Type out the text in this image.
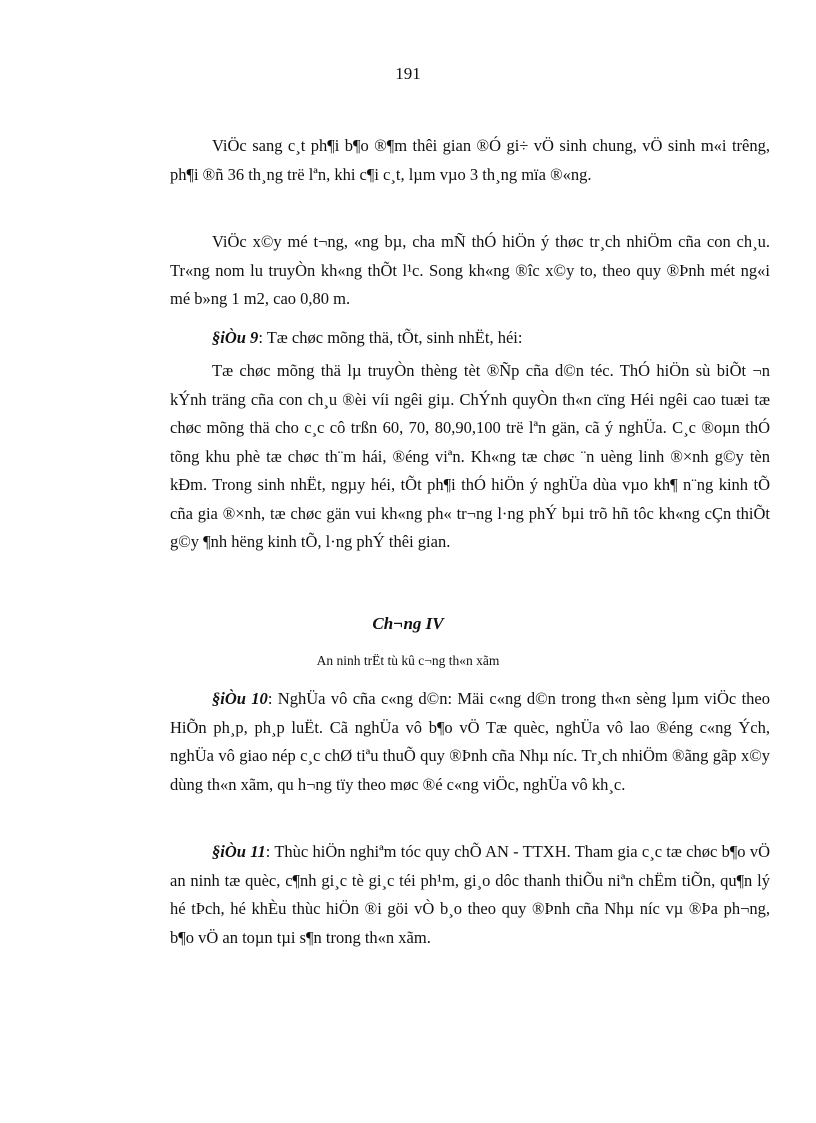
191

ViÖc sang c¸t ph¶i b¶o ®¶m thêi gian ®Ó gi÷ vÖ sinh chung, vÖ sinh m«i trêng, ph¶i ®ñ 36 th¸ng trë lªn, khi c¶i c¸t, lµm vµo 3 th¸ng mïa ®«ng.

ViÖc x©y mé t¬ng, «ng bµ, cha mÑ thÓ hiÖn ý thøc tr¸ch nhiÖm cña con ch¸u. Tr«ng nom lu truyÒn kh«ng thÕt l¹c. Song kh«ng ®îc x©y to, theo quy ®Þnh mét ng«i mé b»ng 1 m2, cao 0,80 m.

§iÒu 9: Tæ chøc mõng thä, tÕt, sinh nhËt, héi:

Tæ chøc mõng thä lµ truyÒn thèng tèt ®Ñp cña d©n téc. ThÓ hiÖn sù biÕt ¬n kÝnh träng cña con ch¸u ®èi víi ngêi giµ. ChÝnh quyÒn th«n cïng Héi ngêi cao tuæi tæ chøc mõng thä cho c¸c cô trßn 60, 70, 80,90,100 trë lªn gän, cã ý nghÜa. C¸c ®oµn thÓ tõng khu phè tæ chøc th¨m hái, ®éng viªn. Kh«ng tæ chøc ¨n uèng linh ®×nh g©y tèn kÐm. Trong sinh nhËt, ngµy héi, tÕt ph¶i thÓ hiÖn ý nghÜa dùa vµo kh¶ n¨ng kinh tÕ cña gia ®×nh, tæ chøc gän vui kh«ng ph« tr¬ng l·ng phÝ bµi trõ hñ tôc kh«ng cÇn thiÕt g©y ¶nh hëng kinh tÕ, l·ng phÝ thêi gian.

Ch¬ng IV
An ninh trËt tù kû c¬ng th«n xãm

§iÒu 10: NghÜa vô cña c«ng d©n: Mäi c«ng d©n trong th«n sèng lµm viÖc theo HiÕn ph¸p, ph¸p luËt. Cã nghÜa vô b¶o vÖ Tæ quèc, nghÜa vô lao ®éng c«ng Ých, nghÜa vô giao nép c¸c chØ tiªu thuÕ quy ®Þnh cña Nhµ níc. Tr¸ch nhiÖm ®ãng gãp x©y dùng th«n xãm, qu h¬ng tïy theo møc ®é c«ng viÖc, nghÜa vô kh¸c.

§iÒu 11: Thùc hiÖn nghiªm tóc quy chÕ AN - TTXH. Tham gia c¸c tæ chøc b¶o vÖ an ninh tæ quèc, c¶nh gi¸c tè gi¸c téi ph¹m, gi¸o dôc thanh thiÕu niªn chËm tiÕn, qu¶n lý hé tÞch, hé khÈu thùc hiÖn ®i göi vÒ b¸o theo quy ®Þnh cña Nhµ níc vµ ®Þa ph¬ng, b¶o vÖ an toµn tµi s¶n trong th«n xãm.
